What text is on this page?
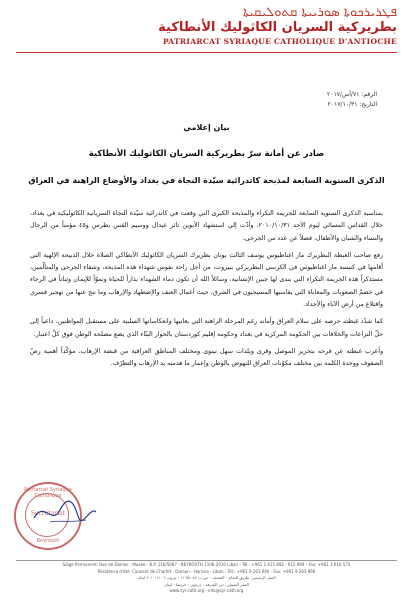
ܦܛܪܝܪܟܘܬܐ ܣܘܪܝܝܬܐ ܩܬܘܠܝܩܝܬܐ
بطريركية السريان الكاثوليك الأنطاكية
PATRIARCAT SYRIAQUE CATHOLIQUE D'ANTIOCHE
الرقم: ٧١/أس/٢٠١٧
التاريخ: ٢٠١٧/١٠/٣١
بيان إعلامي
صادر عن أمانة سرّ بطريركية السريان الكاثوليك الأنطاكية
الذكرى السنوية السابعة لمذبحة كاتدرائية سيّدة النجاة في بغداد والأوضاع الراهنة في العراق

بمناسبة الذكرى السنوية السابعة للجريمة النكراء والمذبحة الكبرى التي وقعت في كاتدرائية سيّدة النجاة السريانية الكاثوليكية في بغداد، خلال القداس المسائي ليوم الأحد ٢٠١٠/١٠/٣١، وأدّت إلى استشهاد الأبوين ثائر عبدال ووسيم القس بطرس و٤٥ مؤمناً من الرجال والنساء والشبان والأطفال، فضلاً عن عدد من الجرحى،

رفع صاحب الغبطة البطريرك مار اغناطيوس يوسف الثالث يونان بطريرك السريان الكاثوليك الأنطاكي الصلاة خلال الذبيحة الإلهية التي أقامها في كنيسة مار اغناطيوس في الكرسي البطريركي ببيروت، من أجل راحة نفوس شهداء هذه المذبحة، وشفاء الجرحى والمتألّمين، مستذكراً هذه الجريمة النكراء التي يندى لها جبين الإنسانية، وسائلاً الله أن تكون دماء الشهداء بذاراً للحياة ونموّاً للإيمان وثباتاً في الرجاء في خضمّ الصعوبات والمعاناة التي يقاسيها المسيحيون في الشرق، حيث أعمال العنف والإضطهاد والإرهاب وما نتج عنها من تهجير قسري واقتلاع من أرض الآباء والأجداد.

كما شدّد غبطته حرصه على سلام العراق وأمانه رغم المرحلة الراهنة التي يعانيها وانعكاساتها السلبية على مستقبل المواطنين، داعياً إلى حلّ النزاعات والخلافات بين الحكومة المركزية في بغداد وحكومة إقليم كوردستان بالحوار البنّاء الذي يضع مصلحة الوطن فوق كلّ اعتبار.

وأعرب غبطته عن فرحه بتحرير الموصل وقرى وبلدات سهل نينوى ومختلف المناطق العراقية من قبضة الإرهاب، مؤكّداً أهمية رصّ الصفوف ووحدة الكلمة بين مختلف مكوّنات العراق للنهوض بالوطن وإعمار ما هدمته يد الإرهاب والتطرّف.

Patriarcat Syriaque Catholique
Secrétariat
Beyrouth
Siège Permanent: Rue de Damas - Musée - B.P. 116/5087 - BEYROUTH 1106-2010 Liban - Tél.: +961 1 615 892 - 615 894 - Fax: +961 1 616 573
Résidence d'été: Couvent de Charfet - Daroun - Harissa - Liban - Tél.: +961 9 263 040 - Fax: +961 9 263 966
المقر الرئيسي: طريق الشام - المتحف - ص.ب ١١٦/٥٠٨٧ - بيروت ١١٠٦-٢٠١٠ لبنان
المقر الصيفي: دير الشرفة - درعون - حريصا - لبنان
www.syr-cath.org - info@syr-cath.org
